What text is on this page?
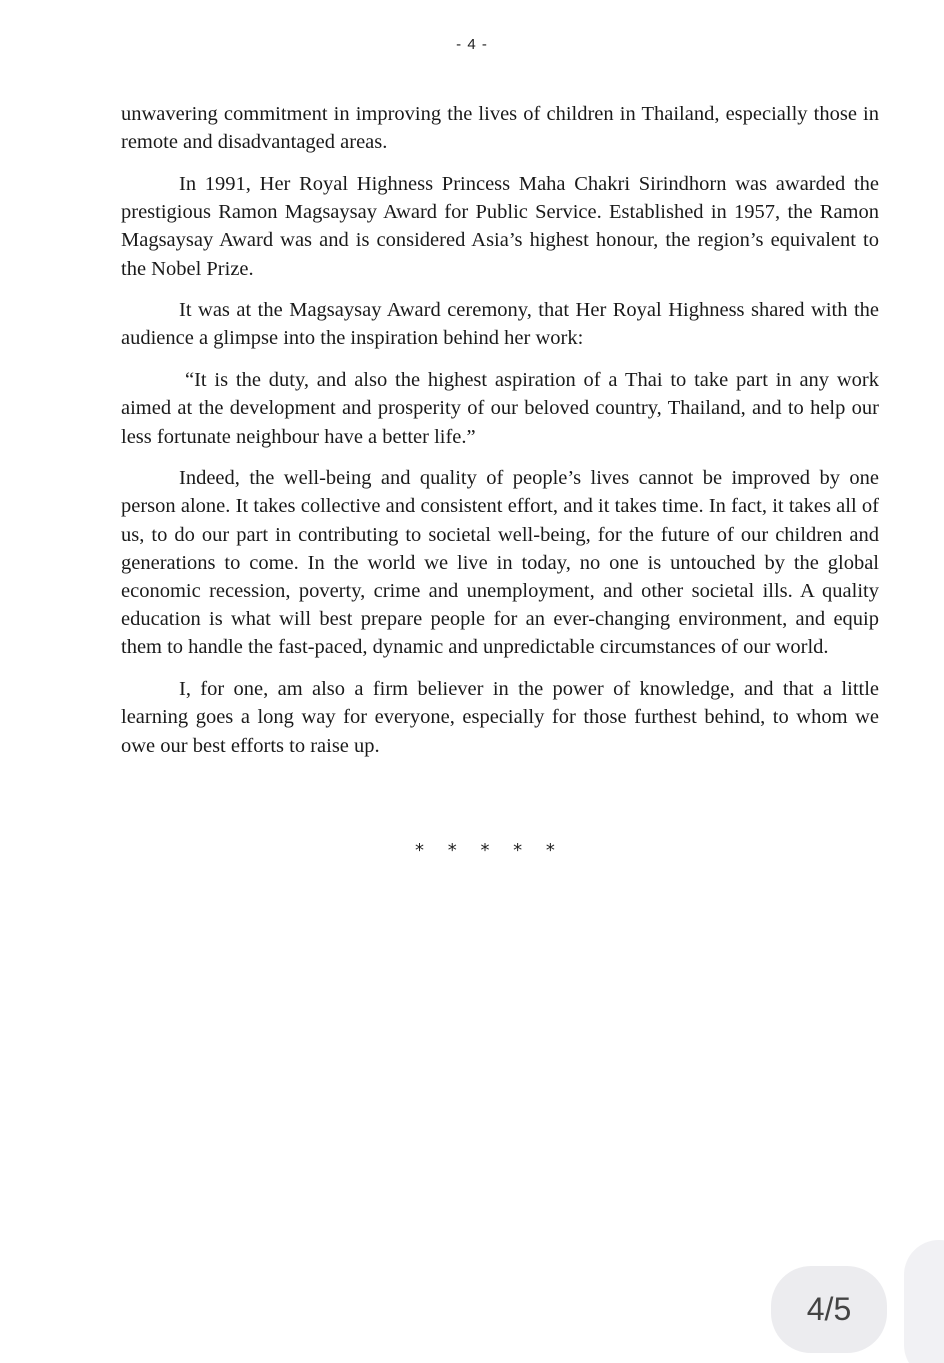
- 4 -

unwavering commitment in improving the lives of children in Thailand, especially those in remote and disadvantaged areas.

In 1991, Her Royal Highness Princess Maha Chakri Sirindhorn was awarded the prestigious Ramon Magsaysay Award for Public Service. Established in 1957, the Ramon Magsaysay Award was and is considered Asia’s highest honour, the region’s equivalent to the Nobel Prize.

It was at the Magsaysay Award ceremony, that Her Royal Highness shared with the audience a glimpse into the inspiration behind her work:

“It is the duty, and also the highest aspiration of a Thai to take part in any work aimed at the development and prosperity of our beloved country, Thailand, and to help our less fortunate neighbour have a better life.”

Indeed, the well-being and quality of people’s lives cannot be improved by one person alone. It takes collective and consistent effort, and it takes time. In fact, it takes all of us, to do our part in contributing to societal well-being, for the future of our children and generations to come. In the world we live in today, no one is untouched by the global economic recession, poverty, crime and unemployment, and other societal ills. A quality education is what will best prepare people for an ever-changing environment, and equip them to handle the fast-paced, dynamic and unpredictable circumstances of our world.

I, for one, am also a firm believer in the power of knowledge, and that a little learning goes a long way for everyone, especially for those furthest behind, to whom we owe our best efforts to raise up.

* * * * *
4/5
